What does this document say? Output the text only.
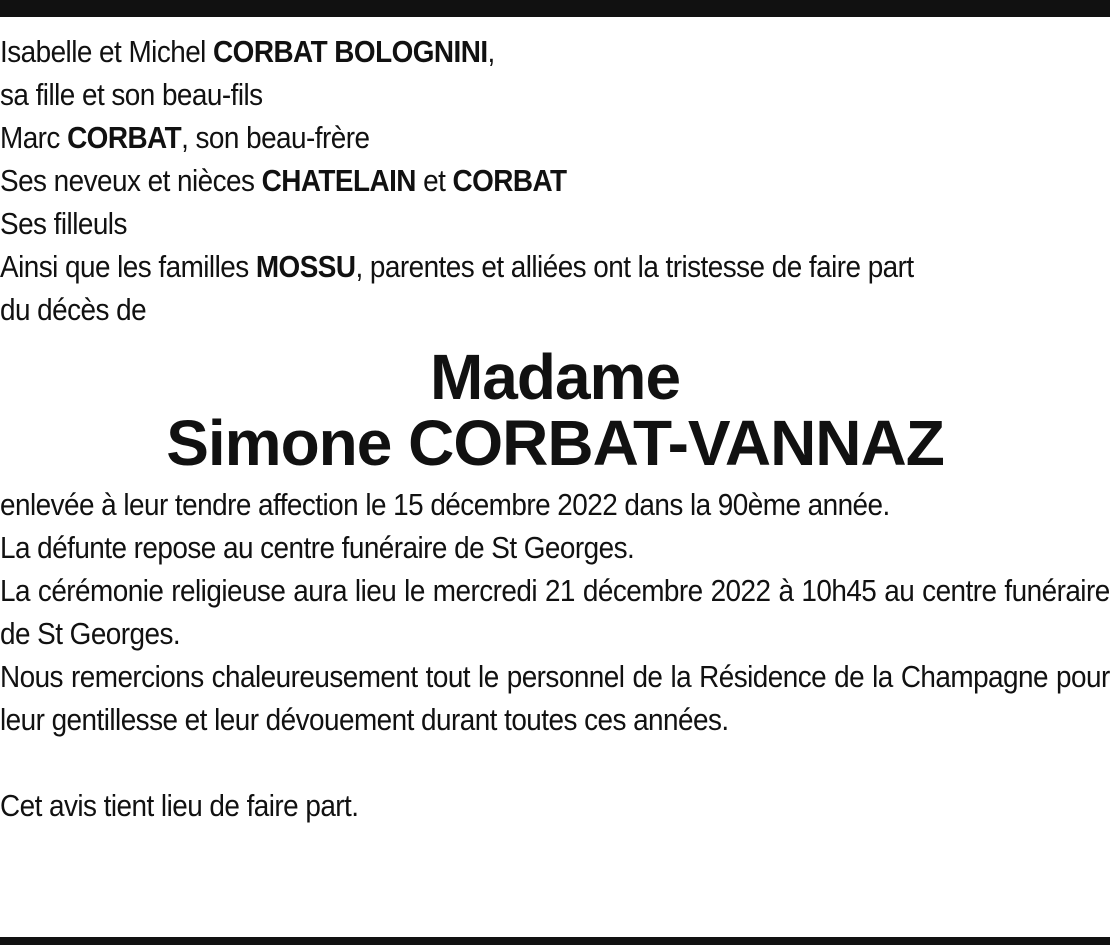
Isabelle et Michel CORBAT BOLOGNINI,
sa fille et son beau-fils
Marc CORBAT, son beau-frère
Ses neveux et nièces CHATELAIN et CORBAT
Ses filleuls
Ainsi que les familles MOSSU, parentes et alliées ont la tristesse de faire part
du décès de
Madame
Simone CORBAT-VANNAZ
enlevée à leur tendre affection le 15 décembre 2022 dans la 90ème année.
La défunte repose au centre funéraire de St Georges.
La cérémonie religieuse aura lieu le mercredi 21 décembre 2022 à 10h45 au centre funéraire de St Georges.
Nous remercions chaleureusement tout le personnel de la Résidence de la Champagne pour leur gentillesse et leur dévouement durant toutes ces années.
Cet avis tient lieu de faire part.
